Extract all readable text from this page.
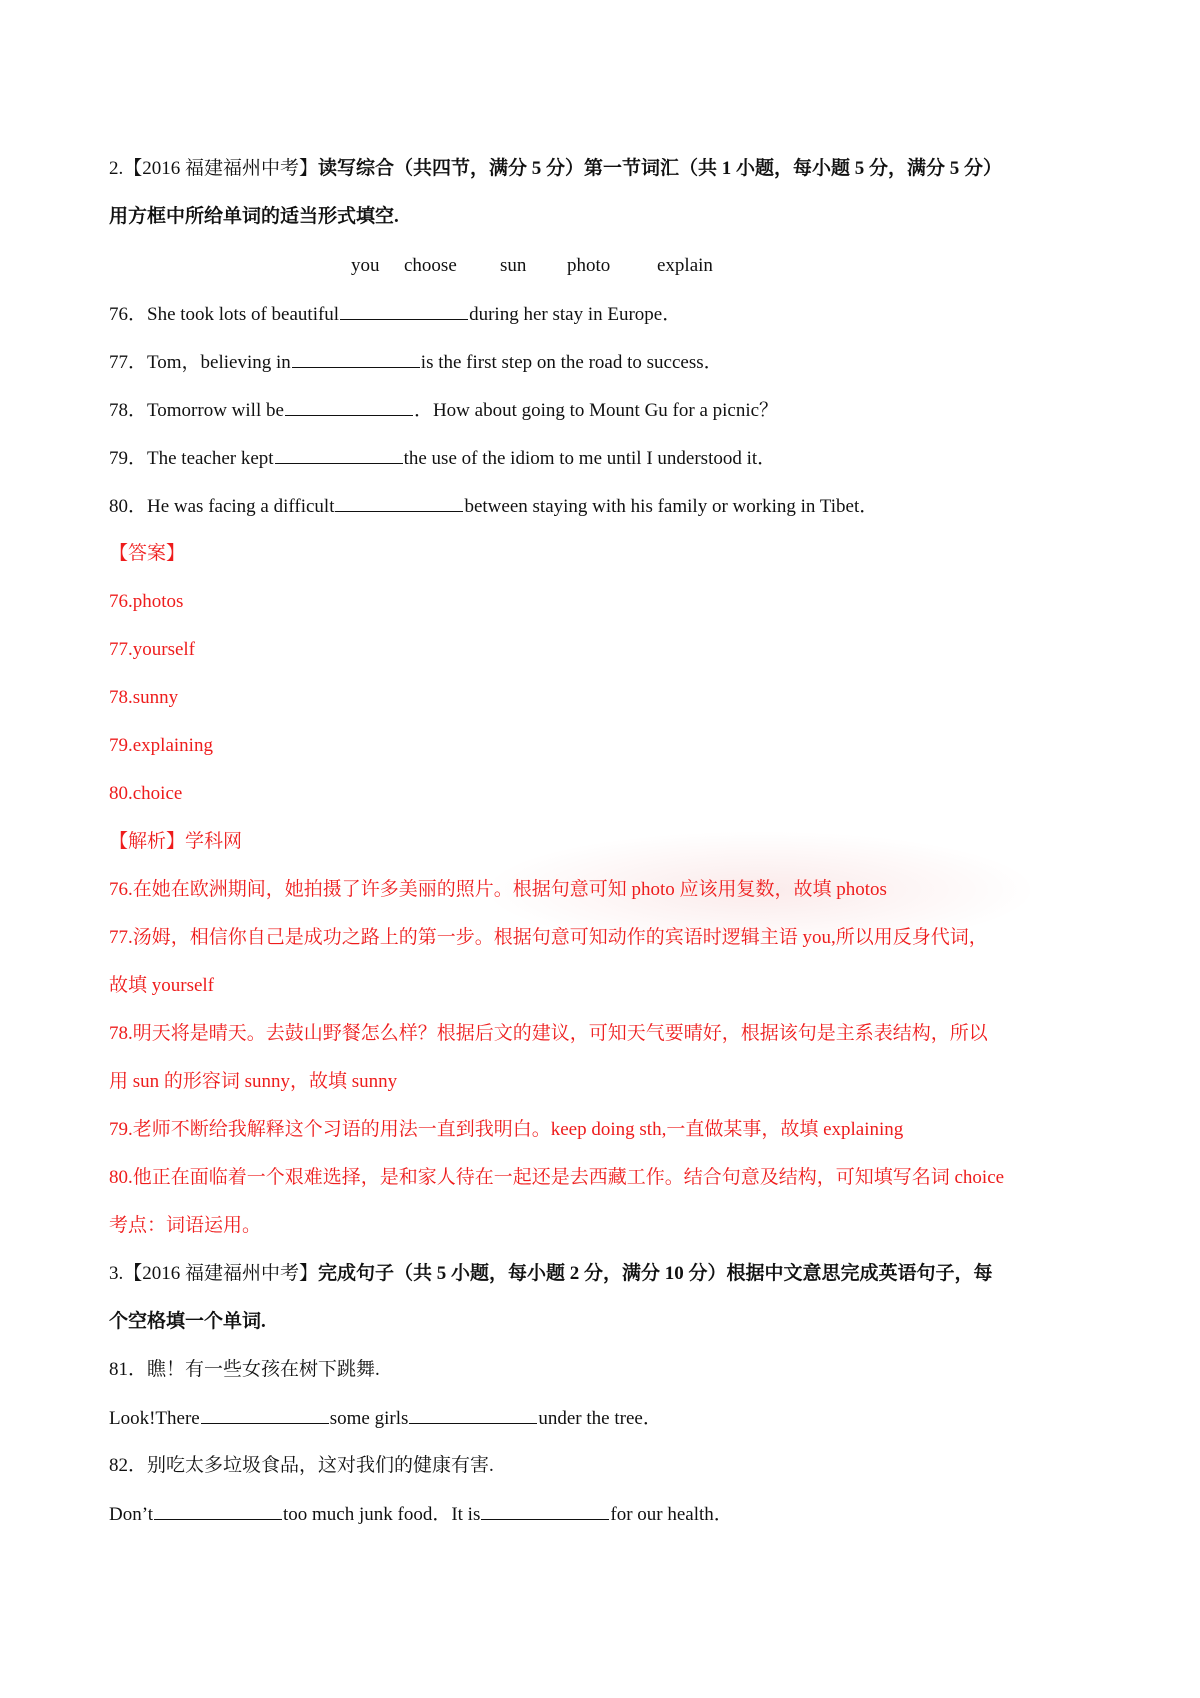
2.【2016 福建福州中考】读写综合（共四节，满分 5 分）第一节词汇（共 1 小题，每小题 5 分，满分 5 分）
用方框中所给单词的适当形式填空.
you choose sun photo explain
76．She took lots of beautiful	during her stay in Europe．
77．Tom，believing in	is the first step on the road to success．
78．Tomorrow will be	．How about going to Mount Gu for a picnic？
79．The teacher kept	the use of the idiom to me until I understood it．
80．He was facing a difficult	between staying with his family or working in Tibet．
【答案】
76.photos
77.yourself
78.sunny
79.explaining
80.choice
【解析】学科网
76.在她在欧洲期间，她拍摄了许多美丽的照片。根据句意可知 photo 应该用复数，故填 photos
77.汤姆，相信你自己是成功之路上的第一步。根据句意可知动作的宾语时逻辑主语 you,所以用反身代词，
故填 yourself
78.明天将是晴天。去鼓山野餐怎么样？根据后文的建议，可知天气要晴好，根据该句是主系表结构，所以
用 sun 的形容词 sunny，故填 sunny
79.老师不断给我解释这个习语的用法一直到我明白。keep doing sth,一直做某事，故填 explaining
80.他正在面临着一个艰难选择，是和家人待在一起还是去西藏工作。结合句意及结构，可知填写名词 choice
考点：词语运用。
3.【2016 福建福州中考】完成句子（共 5 小题，每小题 2 分，满分 10 分）根据中文意思完成英语句子，每
个空格填一个单词.
81．瞧！有一些女孩在树下跳舞.
Look!There	some girls	under the tree．
82．别吃太多垃圾食品，这对我们的健康有害.
Don’t	too much junk food．It is	for our health．
